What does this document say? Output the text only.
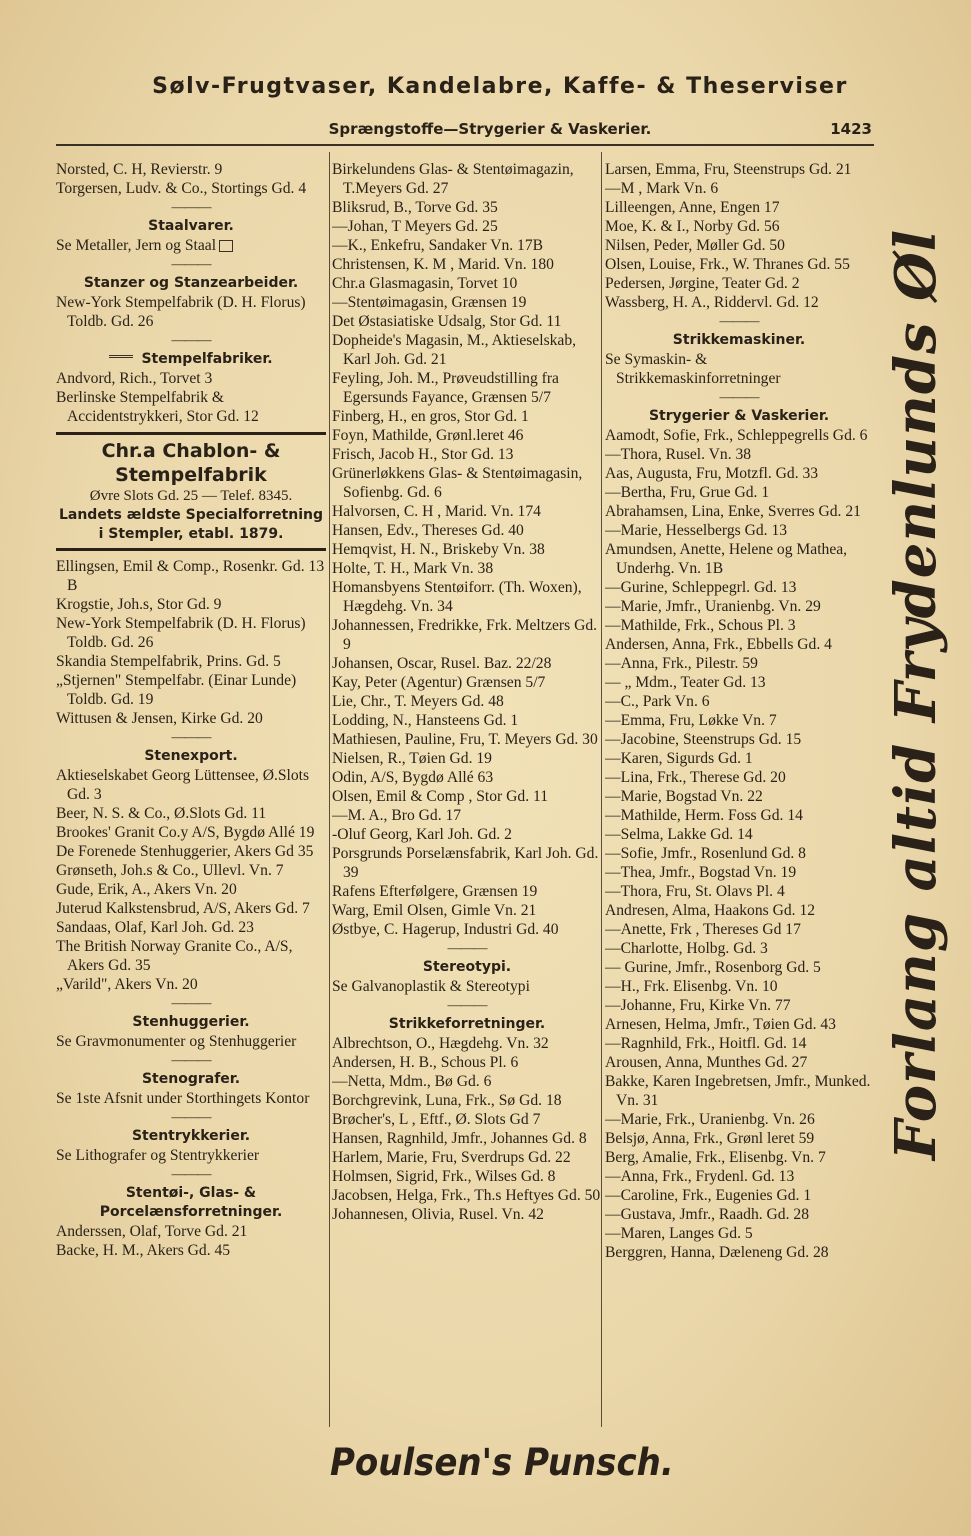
Sølv-Frugtvaser, Kandelabre, Kaffe- & Theserviser
Sprængstoffe—Strygerier & Vaskerier.	1423

Norsted, C. H, Revierstr. 9

Torgersen, Ludv. & Co., Stortings Gd. 4

———
Staalvarer.
Se Metaller, Jern og Staal
———
Stanzer og Stanzearbeider.

New-York Stempelfabrik (D. H. Florus) Toldb. Gd. 26

———
Stempelfabriker.

Andvord, Rich., Torvet 3

Berlinske Stempelfabrik & Accidentstrykkeri, Stor Gd. 12

Chr.a Chablon- & Stempelfabrik
Øvre Slots Gd. 25 — Telef. 8345.
Landets ældste Specialforretning i Stempler, etabl. 1879.

Ellingsen, Emil & Comp., Rosenkr. Gd. 13 B

Krogstie, Joh.s, Stor Gd. 9

New-York Stempelfabrik (D. H. Florus) Toldb. Gd. 26

Skandia Stempelfabrik, Prins. Gd. 5

„Stjernen" Stempelfabr. (Einar Lunde) Toldb. Gd. 19

Wittusen & Jensen, Kirke Gd. 20

———
Stenexport.

Aktieselskabet Georg Lüttensee, Ø.Slots Gd. 3

Beer, N. S. & Co., Ø.Slots Gd. 11

Brookes' Granit Co.y A/S, Bygdø Allé 19

De Forenede Stenhuggerier, Akers Gd 35

Grønseth, Joh.s & Co., Ullevl. Vn. 7

Gude, Erik, A., Akers Vn. 20

Juterud Kalkstensbrud, A/S, Akers Gd. 7

Sandaas, Olaf, Karl Joh. Gd. 23

The British Norway Granite Co., A/S, Akers Gd. 35

„Varild", Akers Vn. 20

———
Stenhuggerier.
Se Gravmonumenter og Stenhuggerier
———
Stenografer.
Se 1ste Afsnit under Storthingets Kontor
———
Stentrykkerier.
Se Lithografer og Stentrykkerier
———
Stentøi-, Glas- & Porcelænsforretninger.

Anderssen, Olaf, Torve Gd. 21

Backe, H. M., Akers Gd. 45

Birkelundens Glas- & Stentøimagazin, T.Meyers Gd. 27

Bliksrud, B., Torve Gd. 35

—Johan, T Meyers Gd. 25

—K., Enkefru, Sandaker Vn. 17B

Christensen, K. M , Marid. Vn. 180

Chr.a Glasmagasin, Torvet 10

—Stentøimagasin, Grænsen 19

Det Østasiatiske Udsalg, Stor Gd. 11

Dopheide's Magasin, M., Aktieselskab, Karl Joh. Gd. 21

Feyling, Joh. M., Prøveudstilling fra Egersunds Fayance, Grænsen 5/7

Finberg, H., en gros, Stor Gd. 1

Foyn, Mathilde, Grønl.leret 46

Frisch, Jacob H., Stor Gd. 13

Grünerløkkens Glas- & Stentøimagasin, Sofienbg. Gd. 6

Halvorsen, C. H , Marid. Vn. 174

Hansen, Edv., Thereses Gd. 40

Hemqvist, H. N., Briskeby Vn. 38

Holte, T. H., Mark Vn. 38

Homansbyens Stentøiforr. (Th. Woxen), Hægdehg. Vn. 34

Johannessen, Fredrikke, Frk. Meltzers Gd. 9

Johansen, Oscar, Rusel. Baz. 22/28

Kay, Peter (Agentur) Grænsen 5/7

Lie, Chr., T. Meyers Gd. 48

Lodding, N., Hansteens Gd. 1

Mathiesen, Pauline, Fru, T. Meyers Gd. 30

Nielsen, R., Tøien Gd. 19

Odin, A/S, Bygdø Allé 63

Olsen, Emil & Comp , Stor Gd. 11

—M. A., Bro Gd. 17

-Oluf Georg, Karl Joh. Gd. 2

Porsgrunds Porselænsfabrik, Karl Joh. Gd. 39

Rafens Efterfølgere, Grænsen 19

Warg, Emil Olsen, Gimle Vn. 21

Østbye, C. Hagerup, Industri Gd. 40

———
Stereotypi.
Se Galvanoplastik & Stereotypi
———
Strikkeforretninger.

Albrechtson, O., Hægdehg. Vn. 32

Andersen, H. B., Schous Pl. 6

—Netta, Mdm., Bø Gd. 6

Borchgrevink, Luna, Frk., Sø Gd. 18

Brøcher's, L , Eftf., Ø. Slots Gd 7

Hansen, Ragnhild, Jmfr., Johannes Gd. 8

Harlem, Marie, Fru, Sverdrups Gd. 22

Holmsen, Sigrid, Frk., Wilses Gd. 8

Jacobsen, Helga, Frk., Th.s Heftyes Gd. 50

Johannesen, Olivia, Rusel. Vn. 42

Larsen, Emma, Fru, Steenstrups Gd. 21

—M , Mark Vn. 6

Lilleengen, Anne, Engen 17

Moe, K. & I., Norby Gd. 56

Nilsen, Peder, Møller Gd. 50

Olsen, Louise, Frk., W. Thranes Gd. 55

Pedersen, Jørgine, Teater Gd. 2

Wassberg, H. A., Riddervl. Gd. 12

———
Strikkemaskiner.
Se Symaskin- & Strikkemaskinforretninger
———
Strygerier & Vaskerier.

Aamodt, Sofie, Frk., Schleppegrells Gd. 6

—Thora, Rusel. Vn. 38

Aas, Augusta, Fru, Motzfl. Gd. 33

—Bertha, Fru, Grue Gd. 1

Abrahamsen, Lina, Enke, Sverres Gd. 21

—Marie, Hesselbergs Gd. 13

Amundsen, Anette, Helene og Mathea, Underhg. Vn. 1B

—Gurine, Schleppegrl. Gd. 13

—Marie, Jmfr., Uranienbg. Vn. 29

—Mathilde, Frk., Schous Pl. 3

Andersen, Anna, Frk., Ebbells Gd. 4

—Anna, Frk., Pilestr. 59

— „ Mdm., Teater Gd. 13

—C., Park Vn. 6

—Emma, Fru, Løkke Vn. 7

—Jacobine, Steenstrups Gd. 15

—Karen, Sigurds Gd. 1

—Lina, Frk., Therese Gd. 20

—Marie, Bogstad Vn. 22

—Mathilde, Herm. Foss Gd. 14

—Selma, Lakke Gd. 14

—Sofie, Jmfr., Rosenlund Gd. 8

—Thea, Jmfr., Bogstad Vn. 19

—Thora, Fru, St. Olavs Pl. 4

Andresen, Alma, Haakons Gd. 12

—Anette, Frk , Thereses Gd 17

—Charlotte, Holbg. Gd. 3

— Gurine, Jmfr., Rosenborg Gd. 5

—H., Frk. Elisenbg. Vn. 10

—Johanne, Fru, Kirke Vn. 77

Arnesen, Helma, Jmfr., Tøien Gd. 43

—Ragnhild, Frk., Hoitfl. Gd. 14

Arousen, Anna, Munthes Gd. 27

Bakke, Karen Ingebretsen, Jmfr., Munked. Vn. 31

—Marie, Frk., Uranienbg. Vn. 26

Belsjø, Anna, Frk., Grønl leret 59

Berg, Amalie, Frk., Elisenbg. Vn. 7

—Anna, Frk., Frydenl. Gd. 13

—Caroline, Frk., Eugenies Gd. 1

—Gustava, Jmfr., Raadh. Gd. 28

—Maren, Langes Gd. 5

Berggren, Hanna, Dæleneng Gd. 28

Forlang altid Frydenlunds Øl
Poulsen's Punsch.
